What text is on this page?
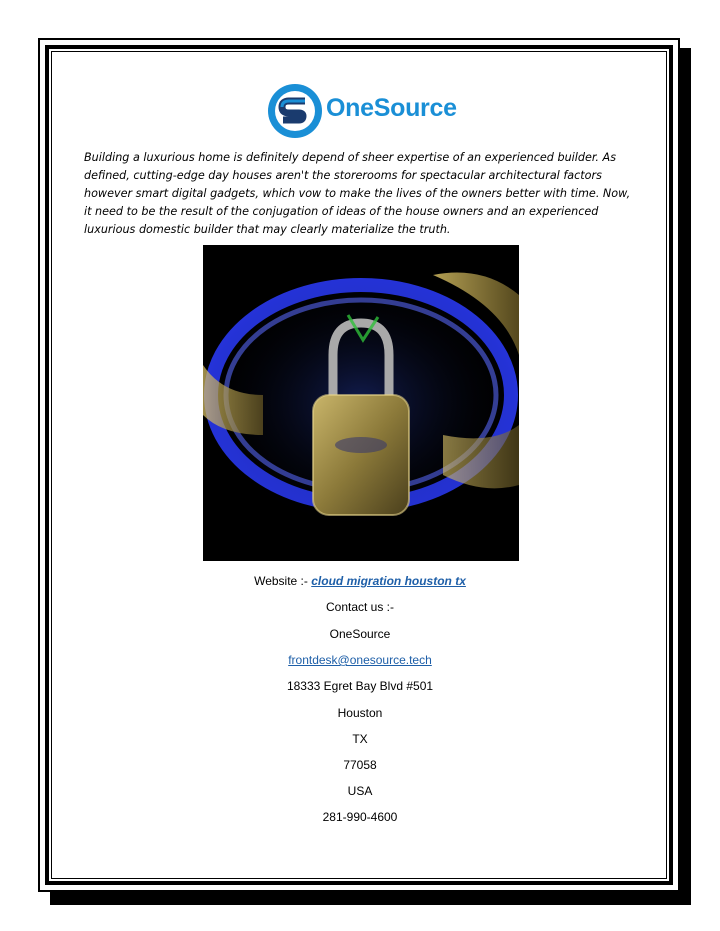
OneSource

Building a luxurious home is definitely depend of sheer expertise of an experienced builder. As defined, cutting-edge day houses aren't the storerooms for spectacular architectural factors however smart digital gadgets, which vow to make the lives of the owners better with time. Now, it need to be the result of the conjugation of ideas of the house owners and an experienced luxurious domestic builder that may clearly materialize the truth.

Website :- cloud migration houston tx
Contact us :-
OneSource
frontdesk@onesource.tech
18333 Egret Bay Blvd #501
Houston
TX
77058
USA
281-990-4600
